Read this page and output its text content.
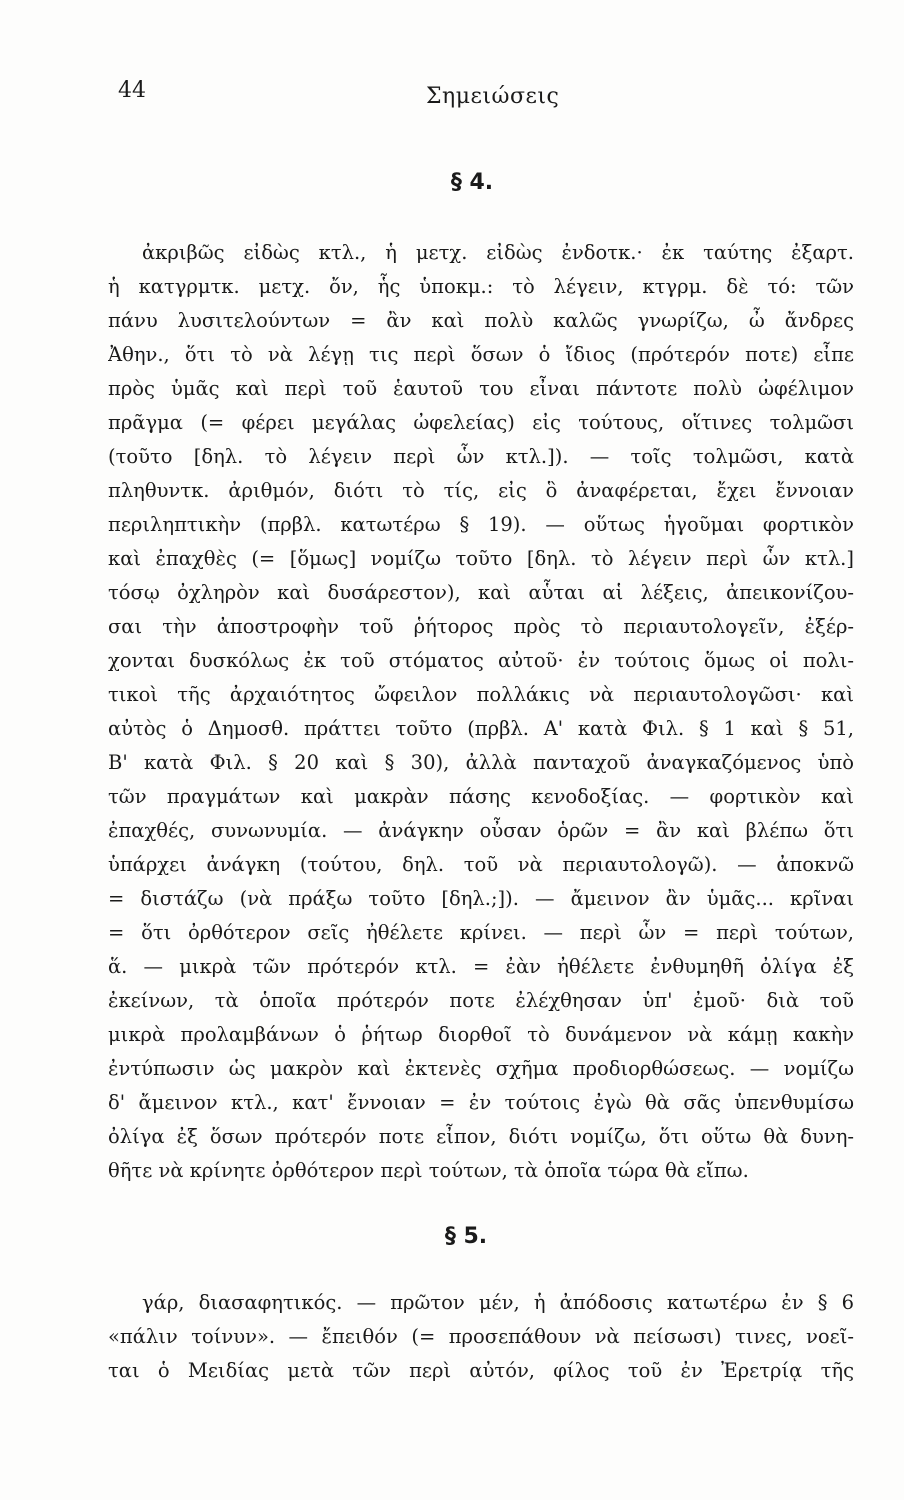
44	Σημειώσεις
§ 4.
ἀκριβῶς εἰδὼς κτλ., ἡ μετχ. εἰδὼς ἐνδοτκ.· ἐκ ταύτης ἐξαρτ.
ἡ κατγρμτκ. μετχ. ὄν, ἧς ὑποκμ.: τὸ λέγειν, κτγρμ. δὲ τό: τῶν
πάνυ λυσιτελούντων = ἂν καὶ πολὺ καλῶς γνωρίζω, ὦ ἄνδρες
Ἀθην., ὅτι τὸ νὰ λέγῃ τις περὶ ὅσων ὁ ἴδιος (πρότερόν ποτε) εἶπε
πρὸς ὑμᾶς καὶ περὶ τοῦ ἑαυτοῦ του εἶναι πάντοτε πολὺ ὠφέλιμον
πρᾶγμα (= φέρει μεγάλας ὠφελείας) εἰς τούτους, οἵτινες τολμῶσι
(τοῦτο [δηλ. τὸ λέγειν περὶ ὧν κτλ.]). — τοῖς τολμῶσι, κατὰ
πληθυντκ. ἀριθμόν, διότι τὸ τίς, εἰς ὃ ἀναφέρεται, ἔχει ἔννοιαν
περιληπτικὴν (πρβλ. κατωτέρω § 19). — οὕτως ἡγοῦμαι φορτικὸν
καὶ ἐπαχθὲς (= [ὅμως] νομίζω τοῦτο [δηλ. τὸ λέγειν περὶ ὧν κτλ.]
τόσῳ ὀχληρὸν καὶ δυσάρεστον), καὶ αὗται αἱ λέξεις, ἀπεικονίζου-
σαι τὴν ἀποστροφὴν τοῦ ῥήτορος πρὸς τὸ περιαυτολογεῖν, ἐξέρ-
χονται δυσκόλως ἐκ τοῦ στόματος αὐτοῦ· ἐν τούτοις ὅμως οἱ πολι-
τικοὶ τῆς ἀρχαιότητος ὤφειλον πολλάκις νὰ περιαυτολογῶσι· καὶ
αὐτὸς ὁ Δημοσθ. πράττει τοῦτο (πρβλ. Α' κατὰ Φιλ. § 1 καὶ § 51,
Β' κατὰ Φιλ. § 20 καὶ § 30), ἀλλὰ πανταχοῦ ἀναγκαζόμενος ὑπὸ
τῶν πραγμάτων καὶ μακρὰν πάσης κενοδοξίας. — φορτικὸν καὶ
ἐπαχθές, συνωνυμία. — ἀνάγκην οὖσαν ὁρῶν = ἂν καὶ βλέπω ὅτι
ὑπάρχει ἀνάγκη (τούτου, δηλ. τοῦ νὰ περιαυτολογῶ). — ἀποκνῶ
= διστάζω (νὰ πράξω τοῦτο [δηλ.;]). — ἄμεινον ἂν ὑμᾶς... κρῖναι
= ὅτι ὀρθότερον σεῖς ἠθέλετε κρίνει. — περὶ ὧν = περὶ τούτων,
ἅ. — μικρὰ τῶν πρότερόν κτλ. = ἐὰν ἠθέλετε ἐνθυμηθῆ ὀλίγα ἐξ
ἐκείνων, τὰ ὁποῖα πρότερόν ποτε ἐλέχθησαν ὑπ' ἐμοῦ· διὰ τοῦ
μικρὰ προλαμβάνων ὁ ῥήτωρ διορθοῖ τὸ δυνάμενον νὰ κάμῃ κακὴν
ἐντύπωσιν ὡς μακρὸν καὶ ἐκτενὲς σχῆμα προδιορθώσεως. — νομίζω
δ' ἄμεινον κτλ., κατ' ἔννοιαν = ἐν τούτοις ἐγὼ θὰ σᾶς ὑπενθυμίσω
ὀλίγα ἐξ ὅσων πρότερόν ποτε εἶπον, διότι νομίζω, ὅτι οὕτω θὰ δυνη-
θῆτε νὰ κρίνητε ὀρθότερον περὶ τούτων, τὰ ὁποῖα τώρα θὰ εἴπω.
§ 5.
γάρ, διασαφητικός. — πρῶτον μέν, ἡ ἀπόδοσις κατωτέρω ἐν § 6
«πάλιν τοίνυν». — ἔπειθόν (= προσεπάθουν νὰ πείσωσι) τινες, νοεῖ-
ται ὁ Μειδίας μετὰ τῶν περὶ αὐτόν, φίλος τοῦ ἐν Ἐρετρίᾳ τῆς
